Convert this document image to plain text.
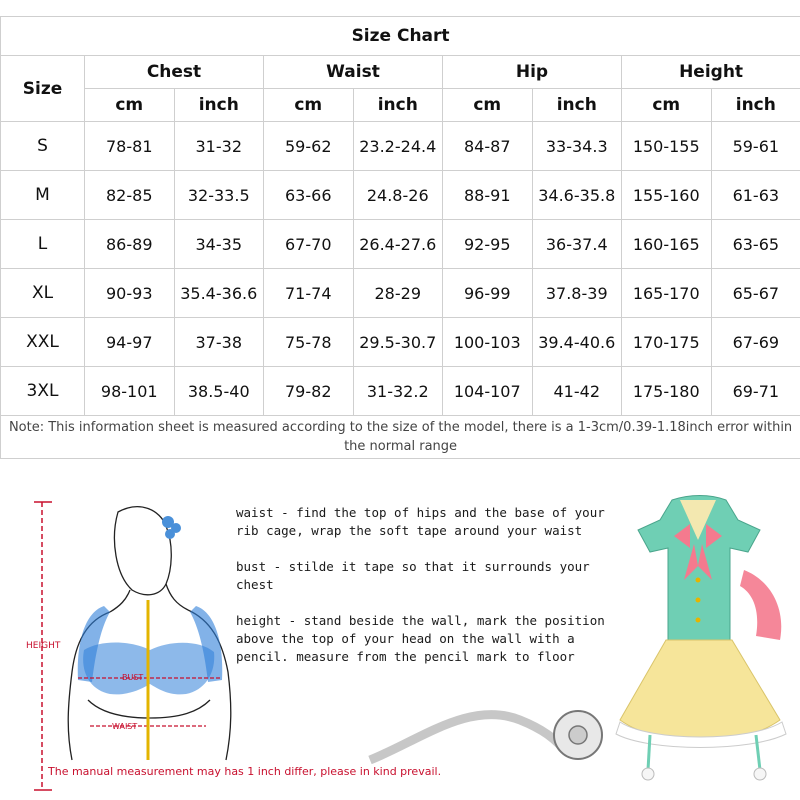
Size Chart								
Size	Chest		Waist		Hip		Height	
	cm	inch	cm	inch	cm	inch	cm	inch
S	78-81	31-32	59-62	23.2-24.4	84-87	33-34.3	150-155	59-61
M	82-85	32-33.5	63-66	24.8-26	88-91	34.6-35.8	155-160	61-63
L	86-89	34-35	67-70	26.4-27.6	92-95	36-37.4	160-165	63-65
XL	90-93	35.4-36.6	71-74	28-29	96-99	37.8-39	165-170	65-67
XXL	94-97	37-38	75-78	29.5-30.7	100-103	39.4-40.6	170-175	67-69
3XL	98-101	38.5-40	79-82	31-32.2	104-107	41-42	175-180	69-71
Note: This information sheet is measured according to the size of the model, there is a 1-3cm/0.39-1.18inch error within the normal range								
HEIGHT
BUST
WAIST

waist - find the top of hips and the base of your rib cage, wrap the soft tape around your waist

bust - stilde it tape so that it surrounds your chest

height - stand beside the wall, mark the position above the top of your head on the wall with a pencil. measure from the pencil mark to floor

The manual measurement may has 1 inch differ, please in kind prevail.
